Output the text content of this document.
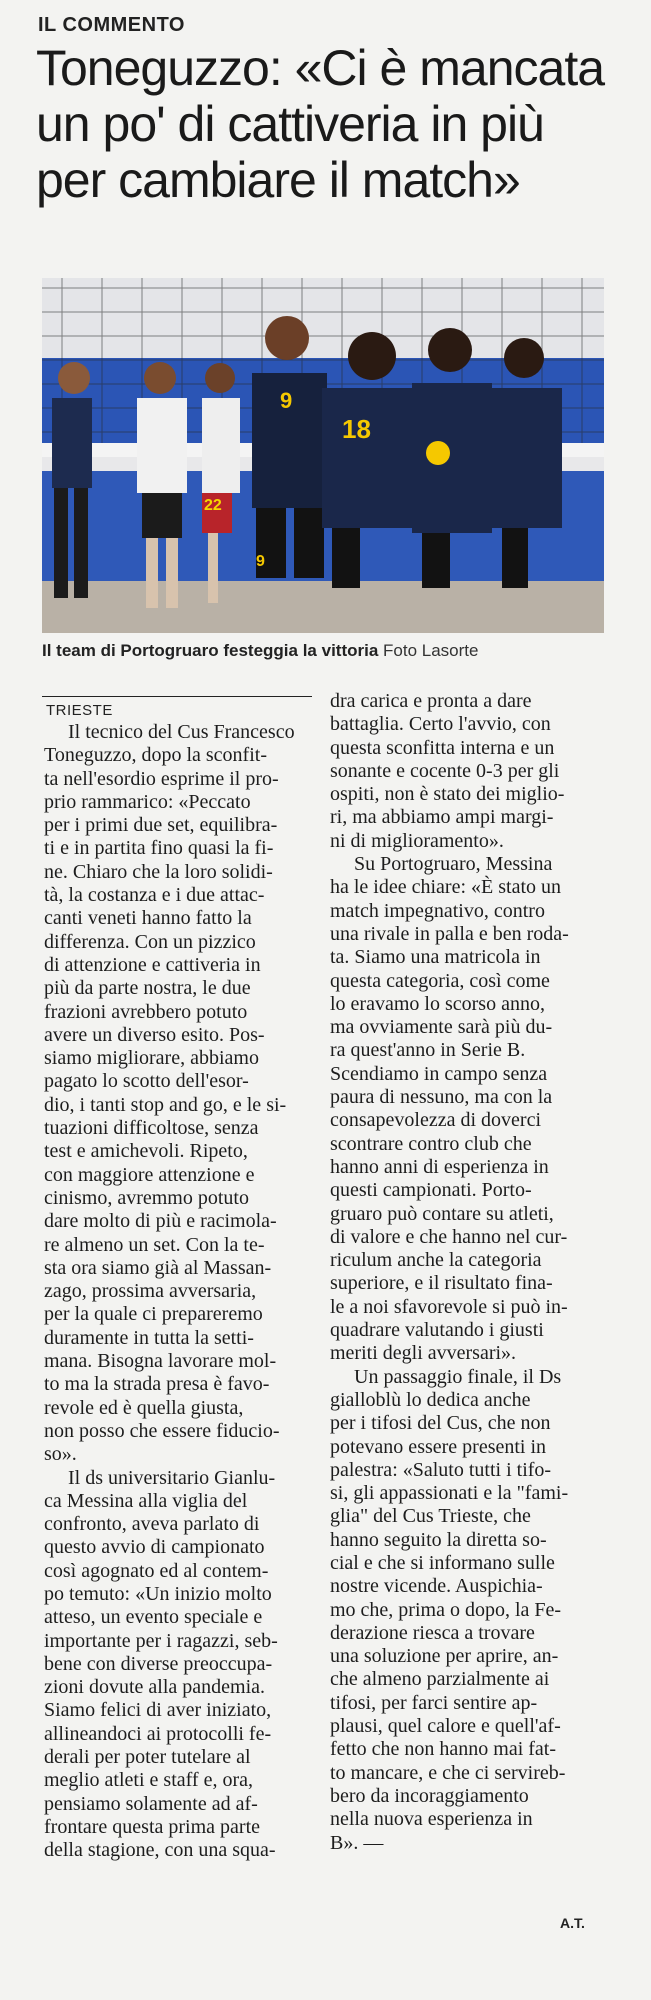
IL COMMENTO
Toneguzzo: «Ci è mancata
un po' di cattiveria in più
per cambiare il match»
22
9
9
18
Il team di Portogruaro festeggia la vittoria Foto Lasorte
TRIESTE

Il tecnico del Cus Francesco
Toneguzzo, dopo la sconfit-
ta nell'esordio esprime il pro-
prio rammarico: «Peccato
per i primi due set, equilibra-
ti e in partita fino quasi la fi-
ne. Chiaro che la loro solidi-
tà, la costanza e i due attac-
canti veneti hanno fatto la
differenza. Con un pizzico
di attenzione e cattiveria in
più da parte nostra, le due
frazioni avrebbero potuto
avere un diverso esito. Pos-
siamo migliorare, abbiamo
pagato lo scotto dell'esor-
dio, i tanti stop and go, e le si-
tuazioni difficoltose, senza
test e amichevoli. Ripeto,
con maggiore attenzione e
cinismo, avremmo potuto
dare molto di più e racimola-
re almeno un set. Con la te-
sta ora siamo già al Massan-
zago, prossima avversaria,
per la quale ci prepareremo
duramente in tutta la setti-
mana. Bisogna lavorare mol-
to ma la strada presa è favo-
revole ed è quella giusta,
non posso che essere fiducio-
so».

Il ds universitario Gianlu-
ca Messina alla viglia del
confronto, aveva parlato di
questo avvio di campionato
così agognato ed al contem-
po temuto: «Un inizio molto
atteso, un evento speciale e
importante per i ragazzi, seb-
bene con diverse preoccupa-
zioni dovute alla pandemia.
Siamo felici di aver iniziato,
allineandoci ai protocolli fe-
derali per poter tutelare al
meglio atleti e staff e, ora,
pensiamo solamente ad af-
frontare questa prima parte
della stagione, con una squa-

dra carica e pronta a dare
battaglia. Certo l'avvio, con
questa sconfitta interna e un
sonante e cocente 0-3 per gli
ospiti, non è stato dei miglio-
ri, ma abbiamo ampi margi-
ni di miglioramento».

Su Portogruaro, Messina
ha le idee chiare: «È stato un
match impegnativo, contro
una rivale in palla e ben roda-
ta. Siamo una matricola in
questa categoria, così come
lo eravamo lo scorso anno,
ma ovviamente sarà più du-
ra quest'anno in Serie B.
Scendiamo in campo senza
paura di nessuno, ma con la
consapevolezza di doverci
scontrare contro club che
hanno anni di esperienza in
questi campionati. Porto-
gruaro può contare su atleti,
di valore e che hanno nel cur-
riculum anche la categoria
superiore, e il risultato fina-
le a noi sfavorevole si può in-
quadrare valutando i giusti
meriti degli avversari».

Un passaggio finale, il Ds
gialloblù lo dedica anche
per i tifosi del Cus, che non
potevano essere presenti in
palestra: «Saluto tutti i tifo-
si, gli appassionati e la "fami-
glia" del Cus Trieste, che
hanno seguito la diretta so-
cial e che si informano sulle
nostre vicende. Auspichia-
mo che, prima o dopo, la Fe-
derazione riesca a trovare
una soluzione per aprire, an-
che almeno parzialmente ai
tifosi, per farci sentire ap-
plausi, quel calore e quell'af-
fetto che non hanno mai fat-
to mancare, e che ci servireb-
bero da incoraggiamento
nella nuova esperienza in
B». —

A.T.
